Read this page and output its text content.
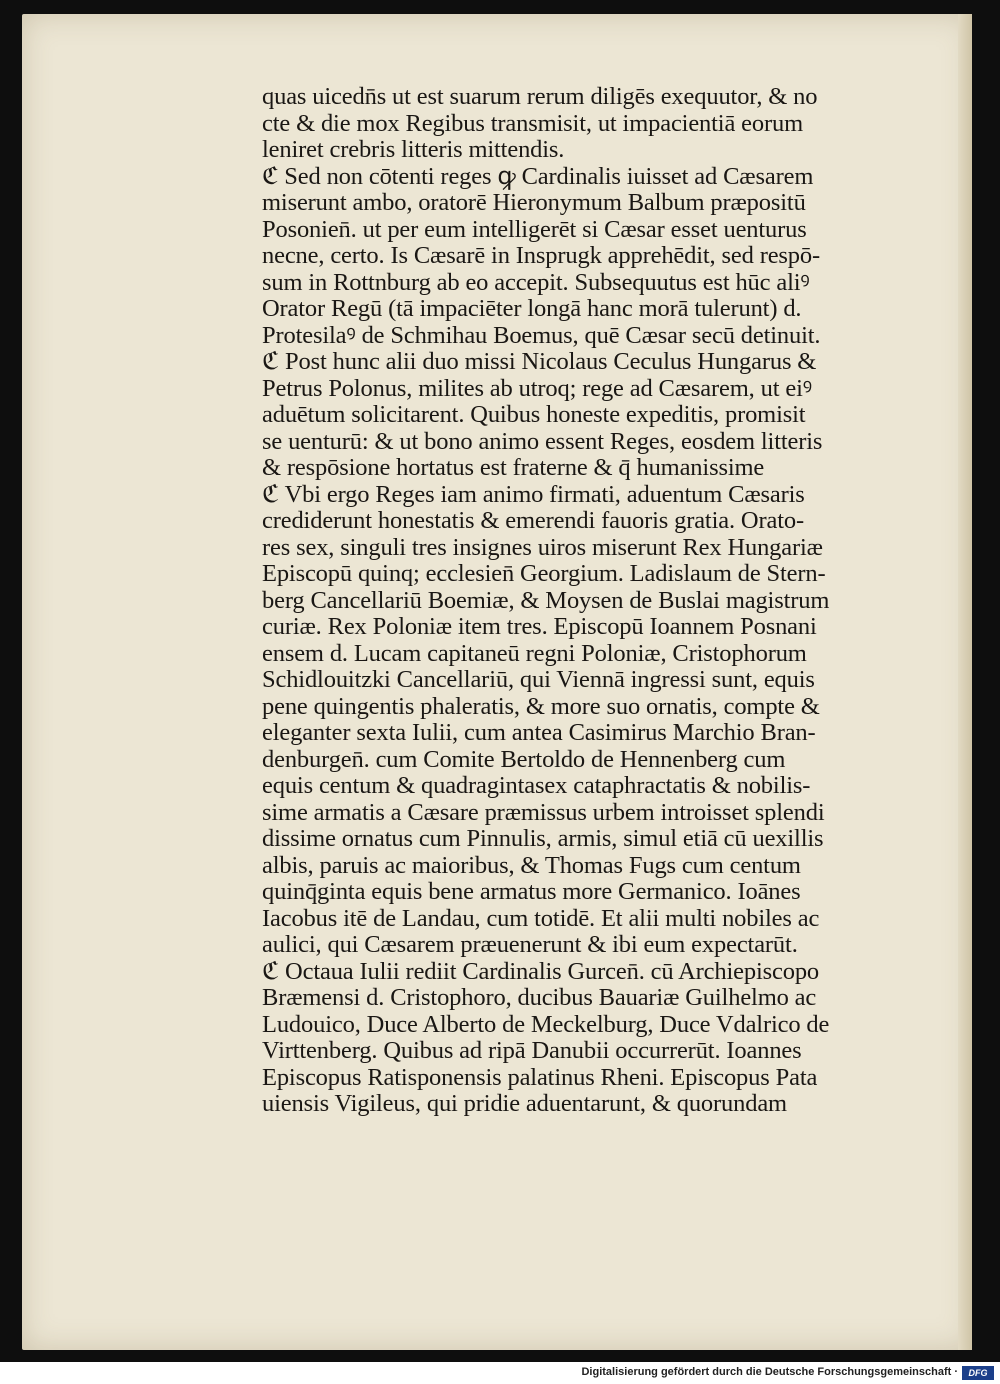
quas uicedn̄s ut est suarum rerum diligēs exequutor, & no
cte & die mox Regibus transmisit, ut impacientiā eorum
leniret crebris litteris mittendis.
ℭ Sed non cōtenti reges ꝙ Cardinalis iuisset ad Cæsarem
miserunt ambo, oratorē Hieronymum Balbum præpositū
Posonien̄. ut per eum intelligerēt si Cæsar esset uenturus
necne, certo. Is Cæsarē in Insprugk apprehēdit, sed respō-
sum in Rottnburg ab eo accepit. Subsequutus est hūc aliꝰ
Orator Regū (tā impaciēter longā hanc morā tulerunt) d.
Protesilaꝰ de Schmihau Boemus, quē Cæsar secū detinuit.
ℭ Post hunc alii duo missi Nicolaus Ceculus Hungarus &
Petrus Polonus, milites ab utroq; rege ad Cæsarem, ut eiꝰ
aduētum solicitarent. Quibus honeste expeditis, promisit
se uenturū: & ut bono animo essent Reges, eosdem litteris
& respōsione hortatus est fraterne & q̄ humanissime
ℭ Vbi ergo Reges iam animo firmati, aduentum Cæsaris
crediderunt honestatis & emerendi fauoris gratia. Orato-
res sex, singuli tres insignes uiros miserunt Rex Hungariæ
Episcopū quinq; ecclesien̄ Georgium. Ladislaum de Stern-
berg Cancellariū Boemiæ, & Moysen de Buslai magistrum
curiæ. Rex Poloniæ item tres. Episcopū Ioannem Posnani
ensem d. Lucam capitaneū regni Poloniæ, Cristophorum
Schidlouitzki Cancellariū, qui Viennā ingressi sunt, equis
pene quingentis phaleratis, & more suo ornatis, compte &
eleganter sexta Iulii, cum antea Casimirus Marchio Bran-
denburgen̄. cum Comite Bertoldo de Hennenberg cum
equis centum & quadragintasex cataphractatis & nobilis-
sime armatis a Cæsare præmissus urbem introisset splendi
dissime ornatus cum Pinnulis, armis, simul etiā cū uexillis
albis, paruis ac maioribus, & Thomas Fugs cum centum
quinq̄ginta equis bene armatus more Germanico. Ioānes
Iacobus itē de Landau, cum totidē. Et alii multi nobiles ac
aulici, qui Cæsarem præuenerunt & ibi eum expectarūt.
ℭ Octaua Iulii rediit Cardinalis Gurcen̄. cū Archiepiscopo
Bræmensi d. Cristophoro, ducibus Bauariæ Guilhelmo ac
Ludouico, Duce Alberto de Meckelburg, Duce Vdalrico de
Virttenberg. Quibus ad ripā Danubii occurrerūt. Ioannes
Episcopus Ratisponensis palatinus Rheni. Episcopus Pata
uiensis Vigileus, qui pridie aduentarunt, & quorundam
Digitalisierung gefördert durch die Deutsche Forschungsgemeinschaft ·	DFG
